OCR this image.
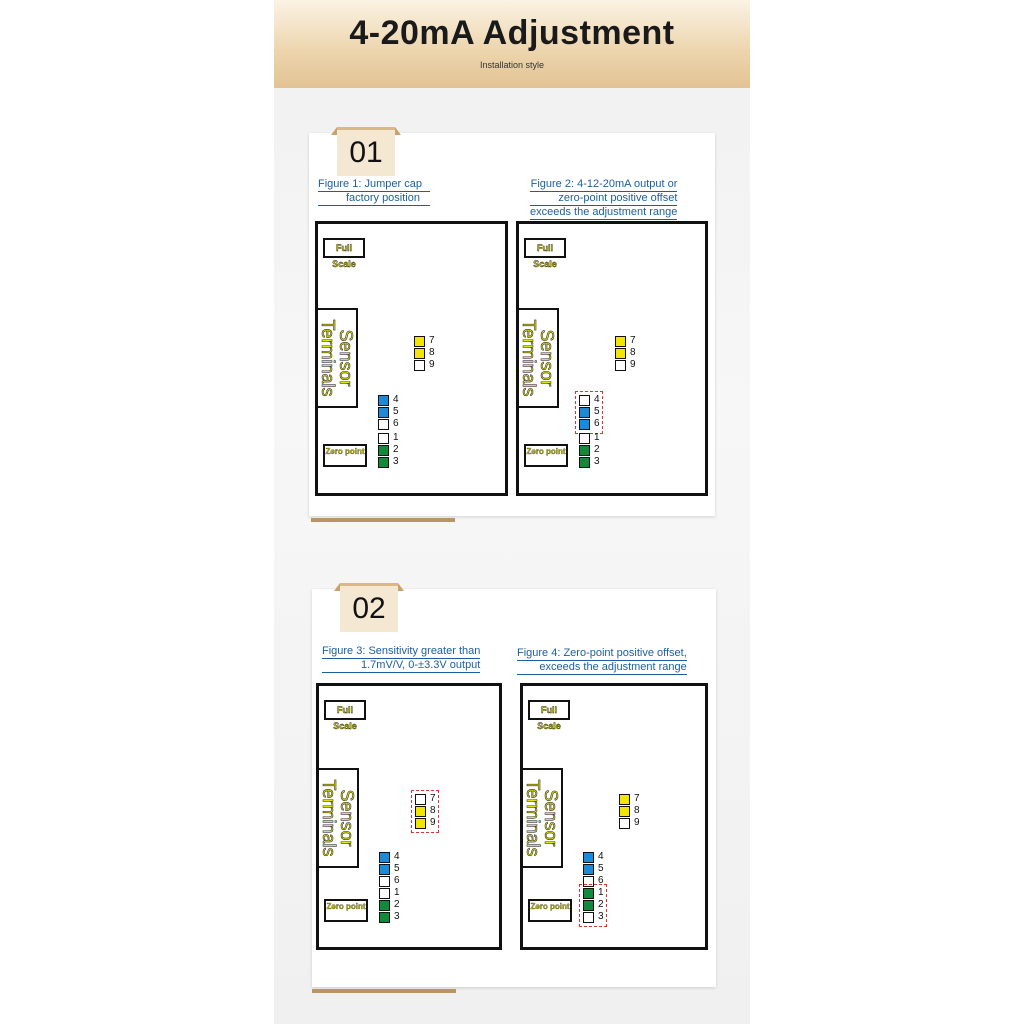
4-20mA Adjustment
Installation style
01
Figure 1: Jumper cap
factory position
Figure 2: 4-12-20mA output or
zero-point positive offset
exceeds the adjustment range
Full Scale
Sensor Terminals
Zero point
7
8
9
4
5
6
1
2
3
Full Scale
Sensor Terminals
Zero point
7
8
9
4
5
6
1
2
3
02
Figure 3: Sensitivity greater than
1.7mV/V, 0-±3.3V output
Figure 4: Zero-point positive offset,
exceeds the adjustment range
Full Scale
Sensor Terminals
Zero point
7
8
9
4
5
6
1
2
3
Full Scale
Sensor Terminals
Zero point
7
8
9
4
5
6
1
2
3
